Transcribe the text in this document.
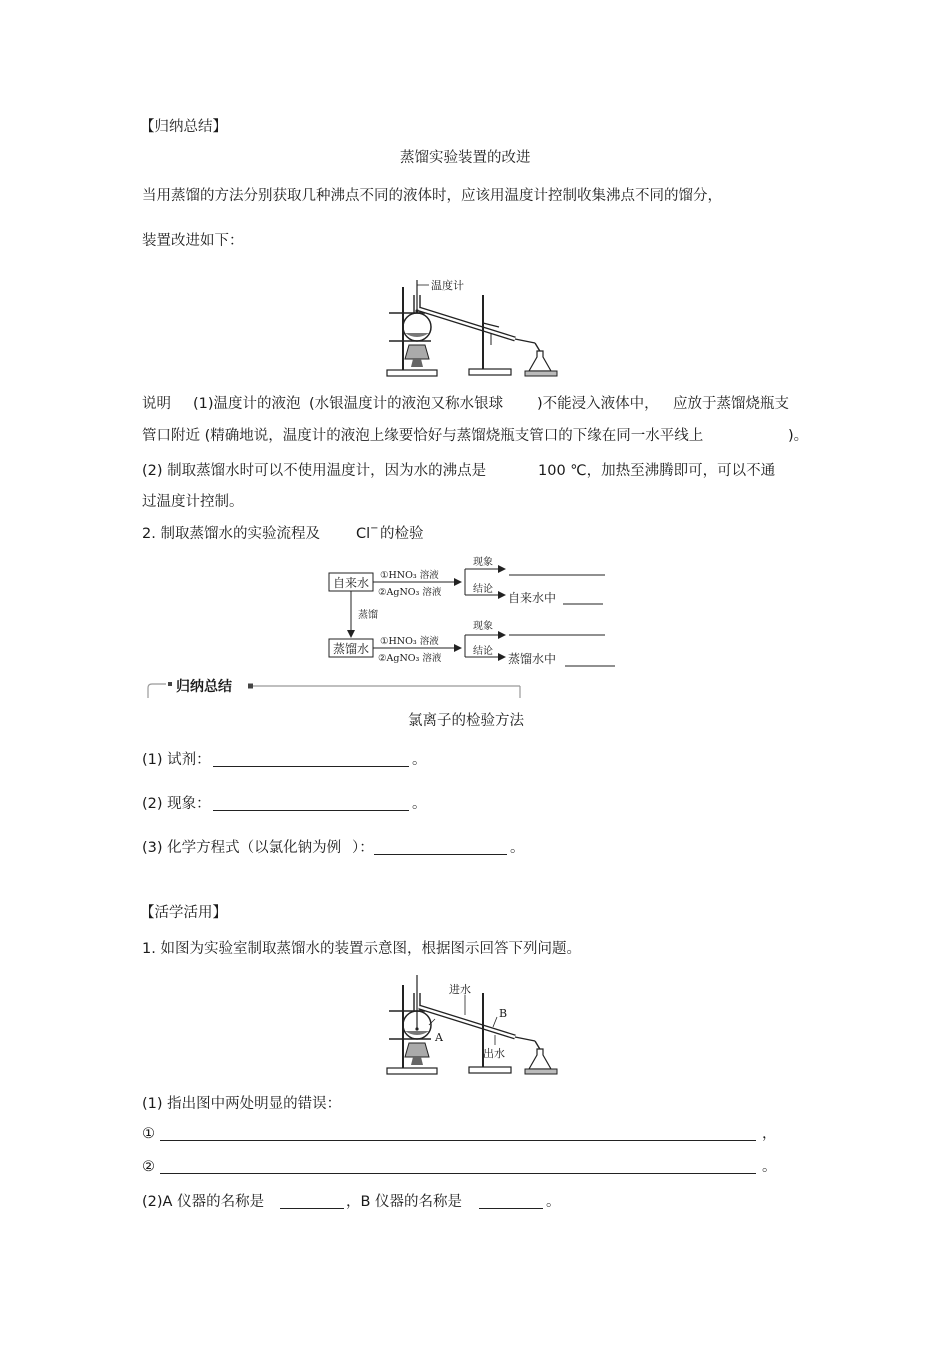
【归纳总结】
蒸馏实验装置的改进
当用蒸馏的方法分别获取几种沸点不同的液体时，应该用温度计控制收集沸点不同的馏分，
装置改进如下：
温度计
说明 (1)温度计的液泡 (水银温度计的液泡又称水银球 )不能浸入液体中， 应放于蒸馏烧瓶支
管口附近 (精确地说，温度计的液泡上缘要恰好与蒸馏烧瓶支管口的下缘在同一水平线上	)。
(2) 制取蒸馏水时可以不使用温度计，因为水的沸点是	100 ℃，加热至沸腾即可，可以不通
过温度计控制。
2. 制取蒸馏水的实验流程及 Cl− 的检验
自来水
①HNO₃ 溶液
②AgNO₃ 溶液
现象
结论
自来水中
蒸馏
蒸馏水
①HNO₃ 溶液
②AgNO₃ 溶液
现象
结论
蒸馏水中
归纳总结
氯离子的检验方法
(1) 试剂：	。
(2) 现象：	。
(3) 化学方程式（以氯化钠为例 ）：	。
【活学活用】
1. 如图为实验室制取蒸馏水的装置示意图，根据图示回答下列问题。
A
进水
B
出水
(1) 指出图中两处明显的错误：
①	，
②	。
(2)A 仪器的名称是	，B 仪器的名称是	。
